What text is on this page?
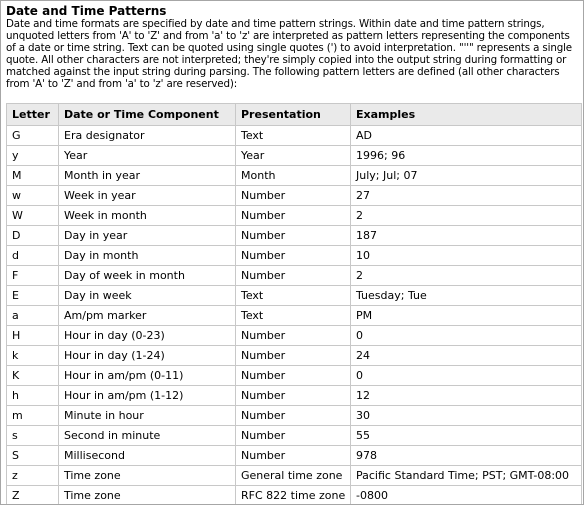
Date and Time Patterns
Date and time formats are specified by date and time pattern strings. Within date and time pattern strings, unquoted letters from 'A' to 'Z' and from 'a' to 'z' are interpreted as pattern letters representing the components of a date or time string. Text can be quoted using single quotes (') to avoid interpretation. "''" represents a single quote. All other characters are not interpreted; they're simply copied into the output string during formatting or matched against the input string during parsing. The following pattern letters are defined (all other characters from 'A' to 'Z' and from 'a' to 'z' are reserved):
Letter	Date or Time Component	Presentation	Examples
G	Era designator	Text	AD
y	Year	Year	1996; 96
M	Month in year	Month	July; Jul; 07
w	Week in year	Number	27
W	Week in month	Number	2
D	Day in year	Number	187
d	Day in month	Number	10
F	Day of week in month	Number	2
E	Day in week	Text	Tuesday; Tue
a	Am/pm marker	Text	PM
H	Hour in day (0-23)	Number	0
k	Hour in day (1-24)	Number	24
K	Hour in am/pm (0-11)	Number	0
h	Hour in am/pm (1-12)	Number	12
m	Minute in hour	Number	30
s	Second in minute	Number	55
S	Millisecond	Number	978
z	Time zone	General time zone	Pacific Standard Time; PST; GMT-08:00
Z	Time zone	RFC 822 time zone	-0800
